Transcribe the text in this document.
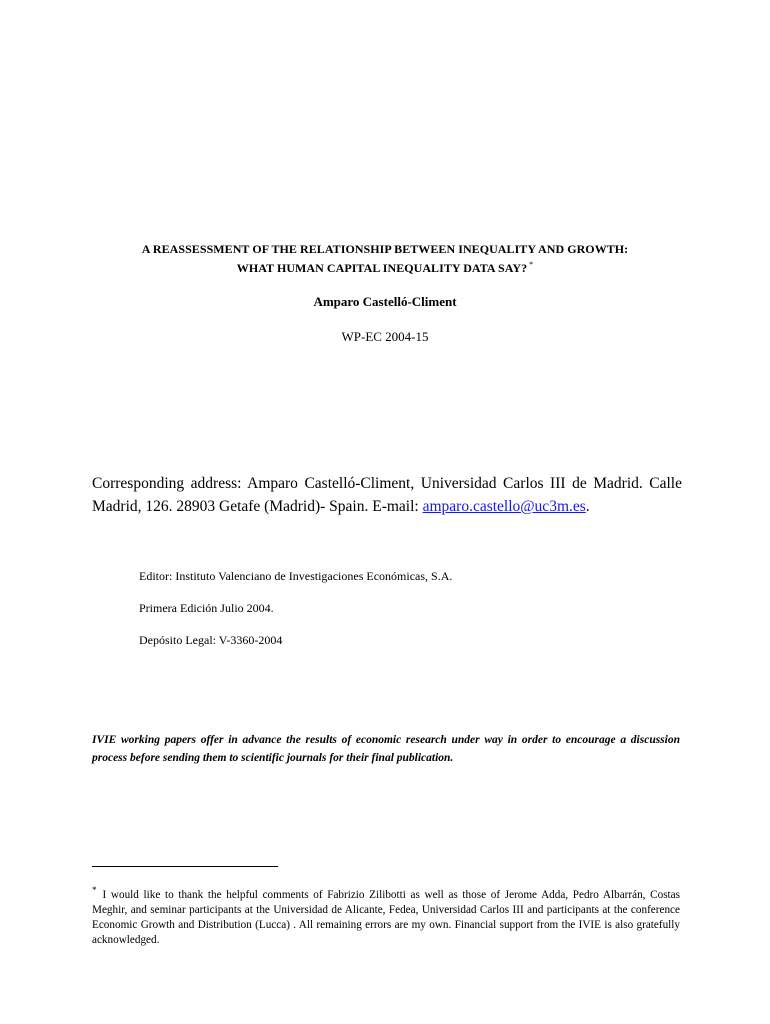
A REASSESSMENT OF THE RELATIONSHIP BETWEEN INEQUALITY AND GROWTH:
WHAT HUMAN CAPITAL INEQUALITY DATA SAY? *
Amparo Castelló-Climent
WP-EC 2004-15
Corresponding address: Amparo Castelló-Climent, Universidad Carlos III de Madrid. Calle Madrid, 126. 28903 Getafe (Madrid)- Spain. E-mail: amparo.castello@uc3m.es.
Editor: Instituto Valenciano de Investigaciones Económicas, S.A.
Primera Edición Julio 2004.
Depósito Legal: V-3360-2004
IVIE working papers offer in advance the results of economic research under way in order to encourage a discussion process before sending them to scientific journals for their final publication.
* I would like to thank the helpful comments of Fabrizio Zilibotti as well as those of Jerome Adda, Pedro Albarrán, Costas Meghir, and seminar participants at the Universidad de Alicante, Fedea, Universidad Carlos III and participants at the conference Economic Growth and Distribution (Lucca) . All remaining errors are my own. Financial support from the IVIE is also gratefully acknowledged.
